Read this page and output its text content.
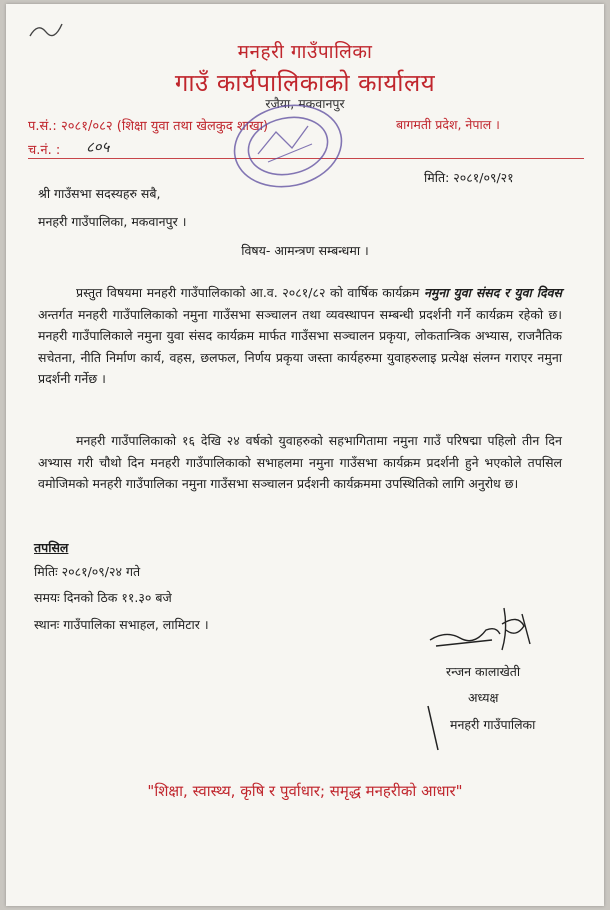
मनहरी गाउँपालिका
गाउँ कार्यपालिकाको कार्यालय
रजैया, मकवानपुर
प.सं.: २०८१/०८२ (शिक्षा युवा तथा खेलकुद शाखा)	बागमती प्रदेश, नेपाल ।
च.नं. : ८०५
मिति: २०८१/०९/२१
श्री गाउँसभा सदस्यहरु सबै,
मनहरी गाउँपालिका, मकवानपुर ।
विषय- आमन्त्रण सम्बन्धमा ।
प्रस्तुत विषयमा मनहरी गाउँपालिकाको आ.व. २०८१/८२ को वार्षिक कार्यक्रम नमुना युवा संसद र युवा दिवस अन्तर्गत मनहरी गाउँपालिकाको नमुना गाउँसभा सञ्चालन तथा व्यवस्थापन सम्बन्धी प्रदर्शनी गर्ने कार्यक्रम रहेको छ। मनहरी गाउँपालिकाले नमुना युवा संसद कार्यक्रम मार्फत गाउँसभा सञ्चालन प्रकृया, लोकतान्त्रिक अभ्यास, राजनैतिक सचेतना, नीति निर्माण कार्य, वहस, छलफल, निर्णय प्रकृया जस्ता कार्यहरुमा युवाहरुलाइ प्रत्येक्ष संलग्न गराएर नमुना प्रदर्शनी गर्नेछ ।
मनहरी गाउँपालिकाको १६ देखि २४ वर्षको युवाहरुको सहभागितामा नमुना गाउँ परिषद्मा पहिलो तीन दिन अभ्यास गरी चौथो दिन मनहरी गाउँपालिकाको सभाहलमा नमुना गाउँसभा कार्यक्रम प्रदर्शनी हुने भएकोले तपसिल वमोजिमको मनहरी गाउँपालिका नमुना गाउँसभा सञ्चालन प्रर्दशनी कार्यक्रममा उपस्थितिको लागि अनुरोध छ।
तपसिल
मितिः २०८१/०९/२४ गते
समयः दिनको ठिक ११.३० बजे
स्थानः गाउँपालिका सभाहल, लामिटार ।
रन्जन कालाखेती
अध्यक्ष
मनहरी गाउँपालिका
"शिक्षा, स्वास्थ्य, कृषि र पुर्वाधार; समृद्ध मनहरीको आधार"
